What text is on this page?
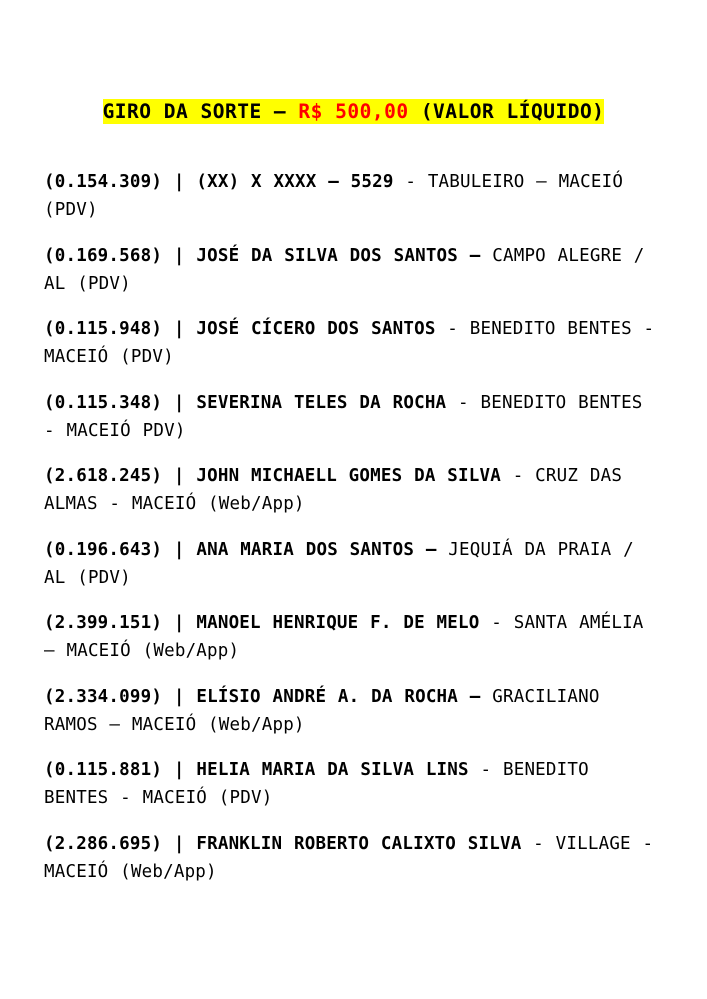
GIRO DA SORTE – R$ 500,00 (VALOR LÍQUIDO)

(0.154.309) | (XX) X XXXX – 5529 - TABULEIRO – MACEIÓ (PDV)

(0.169.568) | JOSÉ DA SILVA DOS SANTOS – CAMPO ALEGRE / AL (PDV)

(0.115.948) | JOSÉ CÍCERO DOS SANTOS - BENEDITO BENTES - MACEIÓ (PDV)

(0.115.348) | SEVERINA TELES DA ROCHA - BENEDITO BENTES - MACEIÓ PDV)

(2.618.245) | JOHN MICHAELL GOMES DA SILVA - CRUZ DAS ALMAS - MACEIÓ (Web/App)

(0.196.643) | ANA MARIA DOS SANTOS – JEQUIÁ DA PRAIA / AL (PDV)

(2.399.151) | MANOEL HENRIQUE F. DE MELO - SANTA AMÉLIA – MACEIÓ (Web/App)

(2.334.099) | ELÍSIO ANDRÉ A. DA ROCHA – GRACILIANO RAMOS – MACEIÓ (Web/App)

(0.115.881) | HELIA MARIA DA SILVA LINS - BENEDITO BENTES - MACEIÓ (PDV)

(2.286.695) | FRANKLIN ROBERTO CALIXTO SILVA - VILLAGE - MACEIÓ (Web/App)
